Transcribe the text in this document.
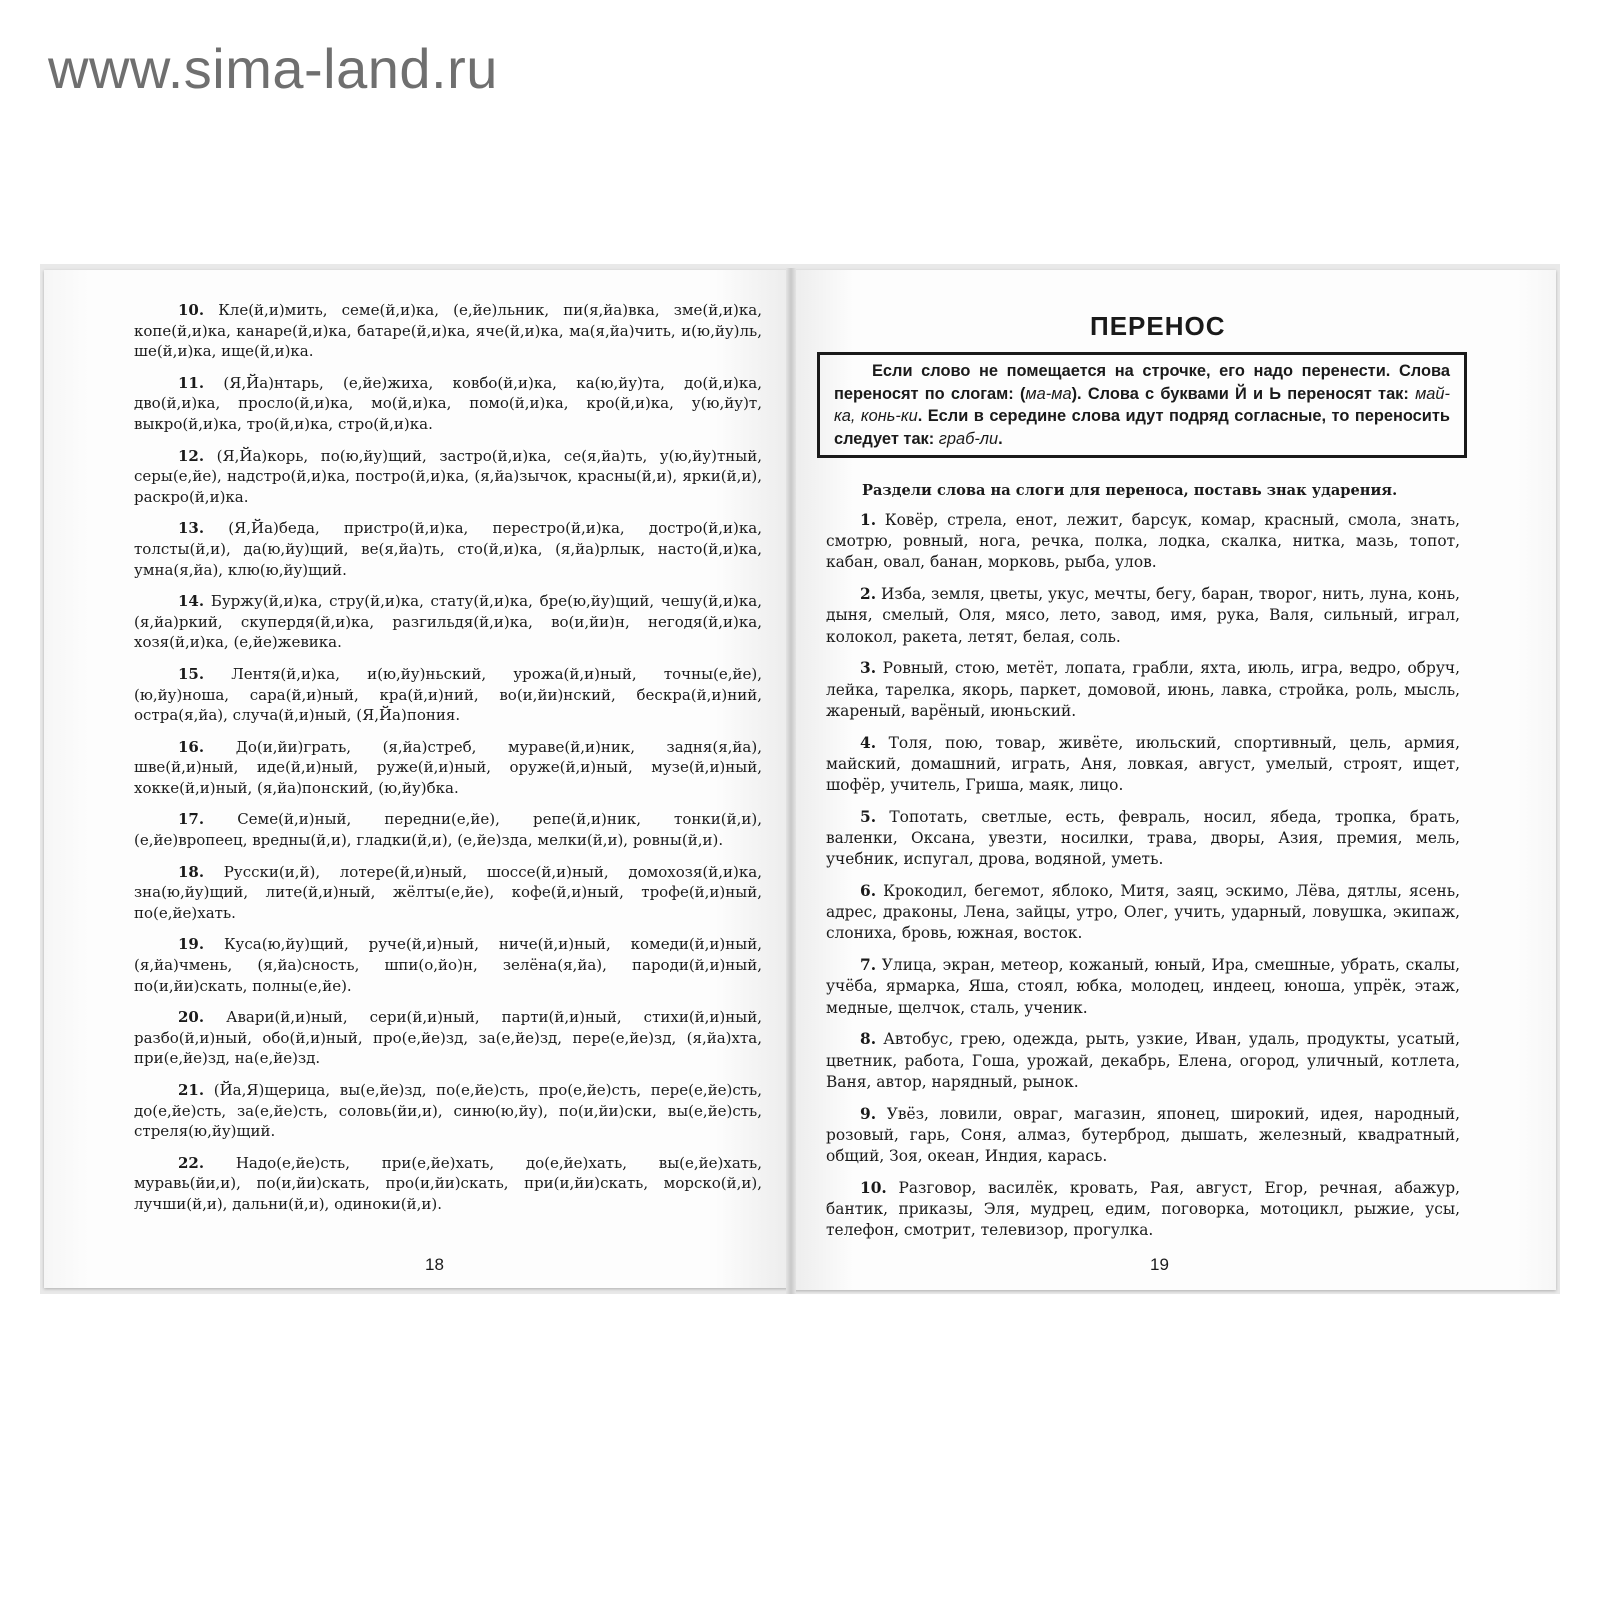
www.sima-land.ru

10. Кле(й,и)мить, семе(й,и)ка, (е,йе)льник, пи(я,йа)вка, зме(й,и)ка, копе(й,и)ка, канаре(й,и)ка, батаре(й,и)ка, яче(й,и)ка, ма(я,йа)чить, и(ю,йу)ль, ше(й,и)ка, ище(й,и)ка.

11. (Я,Йа)нтарь, (е,йе)жиха, ковбо(й,и)ка, ка(ю,йу)та, до(й,и)ка, дво(й,и)ка, просло(й,и)ка, мо(й,и)ка, помо(й,и)ка, кро(й,и)ка, у(ю,йу)т, выкро(й,и)ка, тро(й,и)ка, стро(й,и)ка.

12. (Я,Йа)корь, по(ю,йу)щий, застро(й,и)ка, се(я,йа)ть, у(ю,йу)тный, серы(е,йе), надстро(й,и)ка, постро(й,и)ка, (я,йа)зычок, красны(й,и), ярки(й,и), раскро(й,и)ка.

13. (Я,Йа)беда, пристро(й,и)ка, перестро(й,и)ка, достро(й,и)ка, толсты(й,и), да(ю,йу)щий, ве(я,йа)ть, сто(й,и)ка, (я,йа)рлык, насто(й,и)ка, умна(я,йа), клю(ю,йу)щий.

14. Буржу(й,и)ка, стру(й,и)ка, стату(й,и)ка, бре(ю,йу)щий, чешу(й,и)ка, (я,йа)ркий, скупердя(й,и)ка, разгильдя(й,и)ка, во(и,йи)н, негодя(й,и)ка, хозя(й,и)ка, (е,йе)жевика.

15. Лентя(й,и)ка, и(ю,йу)ньский, урожа(й,и)ный, точны(е,йе), (ю,йу)ноша, сара(й,и)ный, кра(й,и)ний, во(и,йи)нский, бескра(й,и)ний, остра(я,йа), случа(й,и)ный, (Я,Йа)пония.

16. До(и,йи)грать, (я,йа)стреб, мураве(й,и)ник, задня(я,йа), шве(й,и)ный, иде(й,и)ный, руже(й,и)ный, оруже(й,и)ный, музе(й,и)ный, хокке(й,и)ный, (я,йа)понский, (ю,йу)бка.

17. Семе(й,и)ный, передни(е,йе), репе(й,и)ник, тонки(й,и), (е,йе)вропеец, вредны(й,и), гладки(й,и), (е,йе)зда, мелки(й,и), ровны(й,и).

18. Русски(и,й), лотере(й,и)ный, шоссе(й,и)ный, домохозя(й,и)ка, зна(ю,йу)щий, лите(й,и)ный, жёлты(е,йе), кофе(й,и)ный, трофе(й,и)ный, по(е,йе)хать.

19. Куса(ю,йу)щий, руче(й,и)ный, ниче(й,и)ный, комеди(й,и)ный, (я,йа)чмень, (я,йа)сность, шпи(о,йо)н, зелёна(я,йа), пароди(й,и)ный, по(и,йи)скать, полны(е,йе).

20. Авари(й,и)ный, сери(й,и)ный, парти(й,и)ный, стихи(й,и)ный, разбо(й,и)ный, обо(й,и)ный, про(е,йе)зд, за(е,йе)зд, пере(е,йе)зд, (я,йа)хта, при(е,йе)зд, на(е,йе)зд.

21. (Йа,Я)щерица, вы(е,йе)зд, по(е,йе)сть, про(е,йе)сть, пере(е,йе)сть, до(е,йе)сть, за(е,йе)сть, соловь(йи,и), синю(ю,йу), по(и,йи)ски, вы(е,йе)сть, стреля(ю,йу)щий.

22. Надо(е,йе)сть, при(е,йе)хать, до(е,йе)хать, вы(е,йе)хать, муравь(йи,и), по(и,йи)скать, про(и,йи)скать, при(и,йи)скать, морско(й,и), лучши(й,и), дальни(й,и), одиноки(й,и).

18
ПЕРЕНОС
Если слово не помещается на строчке, его надо перенести. Слова переносят по слогам: (ма-ма). Слова с буквами Й и Ь переносят так: май-ка, конь-ки. Если в середине слова идут подряд согласные, то переносить следует так: граб-ли.
Раздели слова на слоги для переноса, поставь знак ударения.

1. Ковёр, стрела, енот, лежит, барсук, комар, красный, смола, знать, смотрю, ровный, нога, речка, полка, лодка, скалка, нитка, мазь, топот, кабан, овал, банан, морковь, рыба, улов.

2. Изба, земля, цветы, укус, мечты, бегу, баран, творог, нить, луна, конь, дыня, смелый, Оля, мясо, лето, завод, имя, рука, Валя, сильный, играл, колокол, ракета, летят, белая, соль.

3. Ровный, стою, метёт, лопата, грабли, яхта, июль, игра, ведро, обруч, лейка, тарелка, якорь, паркет, домовой, июнь, лавка, стройка, роль, мысль, жареный, варёный, июньский.

4. Толя, пою, товар, живёте, июльский, спортивный, цель, армия, майский, домашний, играть, Аня, ловкая, август, умелый, строят, ищет, шофёр, учитель, Гриша, маяк, лицо.

5. Топотать, светлые, есть, февраль, носил, ябеда, тропка, брать, валенки, Оксана, увезти, носилки, трава, дворы, Азия, премия, мель, учебник, испугал, дрова, водяной, уметь.

6. Крокодил, бегемот, яблоко, Митя, заяц, эскимо, Лёва, дятлы, ясень, адрес, драконы, Лена, зайцы, утро, Олег, учить, ударный, ловушка, экипаж, слониха, бровь, южная, восток.

7. Улица, экран, метеор, кожаный, юный, Ира, смешные, убрать, скалы, учёба, ярмарка, Яша, стоял, юбка, молодец, индеец, юноша, упрёк, этаж, медные, щелчок, сталь, ученик.

8. Автобус, грею, одежда, рыть, узкие, Иван, удаль, продукты, усатый, цветник, работа, Гоша, урожай, декабрь, Елена, огород, уличный, котлета, Ваня, автор, нарядный, рынок.

9. Увёз, ловили, овраг, магазин, японец, широкий, идея, народный, розовый, гарь, Соня, алмаз, бутерброд, дышать, железный, квадратный, общий, Зоя, океан, Индия, карась.

10. Разговор, василёк, кровать, Рая, август, Егор, речная, абажур, бантик, приказы, Эля, мудрец, едим, поговорка, мотоцикл, рыжие, усы, телефон, смотрит, телевизор, прогулка.

19
